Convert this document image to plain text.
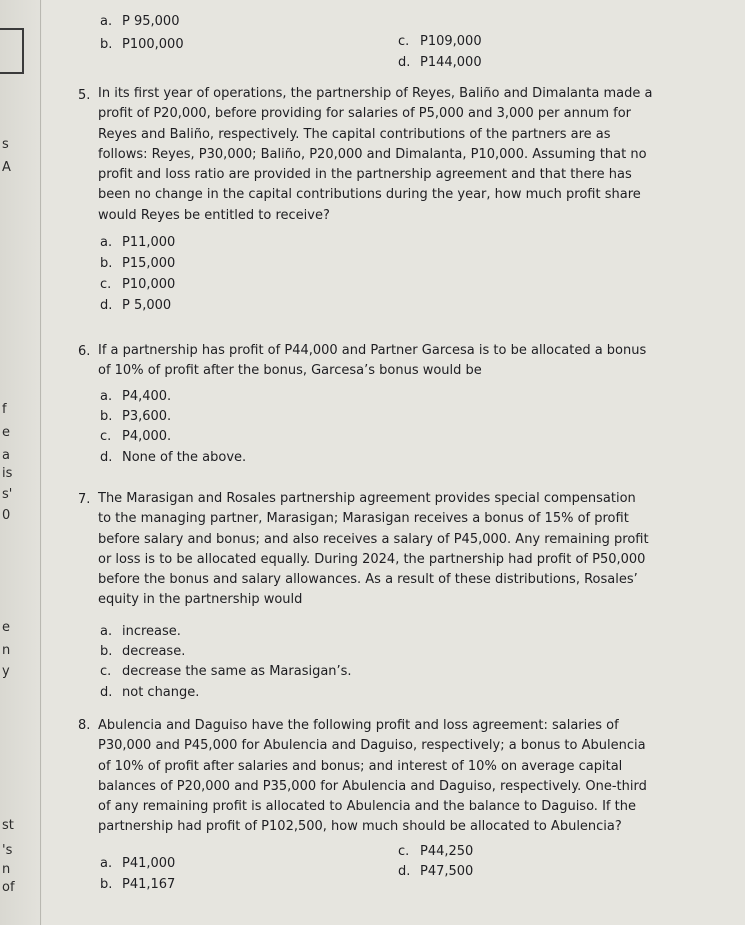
s
A
f
e
a
is
s'
0
e
n
y
st
's
n
of
a. P 95,000
b. P100,000	c. P109,000
d. P144,000
5. In its first year of operations, the partnership of Reyes, Baliño and Dimalanta made a

profit of P20,000, before providing for salaries of P5,000 and 3,000 per annum for

Reyes and Baliño, respectively. The capital contributions of the partners are as

follows: Reyes, P30,000; Baliño, P20,000 and Dimalanta, P10,000. Assuming that no

profit and loss ratio are provided in the partnership agreement and that there has

been no change in the capital contributions during the year, how much profit share

would Reyes be entitled to receive?

a. P11,000
b. P15,000
c. P10,000
d. P 5,000
6. If a partnership has profit of P44,000 and Partner Garcesa is to be allocated a bonus

of 10% of profit after the bonus, Garcesa’s bonus would be

a. P4,400.
b. P3,600.
c. P4,000.
d. None of the above.
7. The Marasigan and Rosales partnership agreement provides special compensation

to the managing partner, Marasigan; Marasigan receives a bonus of 15% of profit

before salary and bonus; and also receives a salary of P45,000. Any remaining profit

or loss is to be allocated equally. During 2024, the partnership had profit of P50,000

before the bonus and salary allowances. As a result of these distributions, Rosales’

equity in the partnership would

a. increase.
b. decrease.
c. decrease the same as Marasigan’s.
d. not change.
8. Abulencia and Daguiso have the following profit and loss agreement: salaries of

P30,000 and P45,000 for Abulencia and Daguiso, respectively; a bonus to Abulencia

of 10% of profit after salaries and bonus; and interest of 10% on average capital

balances of P20,000 and P35,000 for Abulencia and Daguiso, respectively. One-third

of any remaining profit is allocated to Abulencia and the balance to Daguiso. If the

partnership had profit of P102,500, how much should be allocated to Abulencia?

a. P41,000
b. P41,167
c. P44,250
d. P47,500
